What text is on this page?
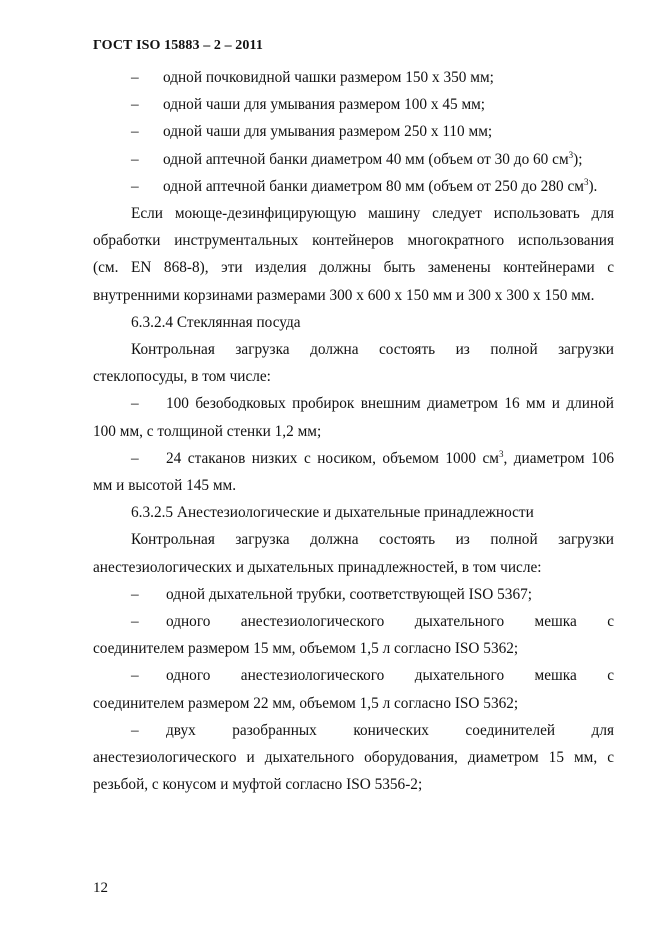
ГОСТ ISO 15883 – 2 – 2011
– одной почковидной чашки размером 150 х 350 мм;
– одной чаши для умывания размером 100 х 45 мм;
– одной чаши для умывания размером 250 х 110 мм;
– одной аптечной банки диаметром 40 мм (объем от 30 до 60 $см^3$);
– одной аптечной банки диаметром 80 мм (объем от 250 до 280 $см^3$).
Если моюще-дезинфицирующую машину следует использовать для
обработки инструментальных контейнеров многократного использования
(см. EN 868-8), эти изделия должны быть заменены контейнерами с
внутренними корзинами размерами 300 х 600 х 150 мм и 300 х 300 х 150 мм.
6.3.2.4 Стеклянная посуда
Контрольная загрузка должна состоять из полной загрузки
стеклопосуды, в том числе:
– 100 безободковых пробирок внешним диаметром 16 мм и длиной
100 мм, с толщиной стенки 1,2 мм;
– 24 стаканов низких с носиком, объемом 1000 $см^3$, диаметром 106
мм и высотой 145 мм.
6.3.2.5 Анестезиологические и дыхательные принадлежности
Контрольная загрузка должна состоять из полной загрузки
анестезиологических и дыхательных принадлежностей, в том числе:
– одной дыхательной трубки, соответствующей ISO 5367;
– одного анестезиологического дыхательного мешка с
соединителем размером 15 мм, объемом 1,5 л согласно ISO 5362;
– одного анестезиологического дыхательного мешка с
соединителем размером 22 мм, объемом 1,5 л согласно ISO 5362;
– двух разобранных конических соединителей для
анестезиологического и дыхательного оборудования, диаметром 15 мм, с
резьбой, с конусом и муфтой согласно ISO 5356-2;
12
